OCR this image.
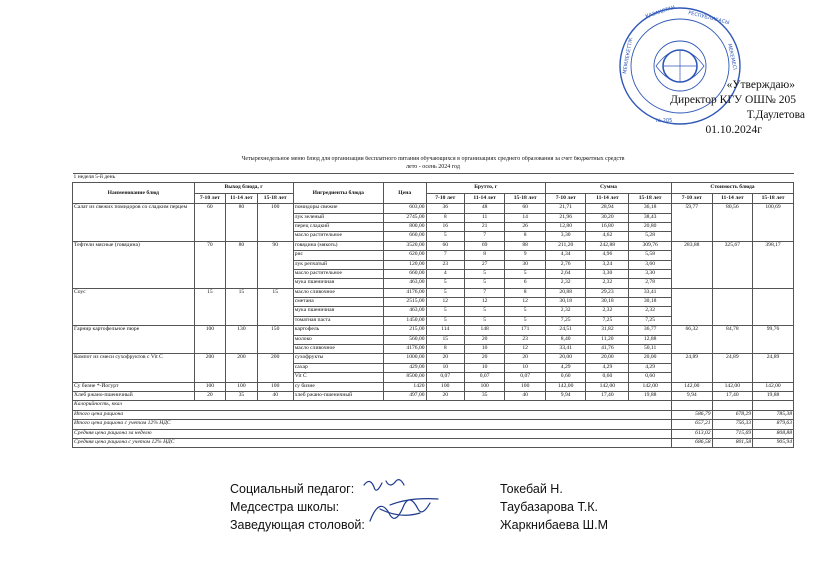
ҚАЗАҚСТАН РЕСПУБЛИКАСЫ
МЕМЛЕКЕТТІК	МЕКЕМЕСІ
№ 205
«Утверждаю»
Директор КГУ ОШ№ 205
Т.Даулетова
01.10.2024г
Четырехнедельное меню блюд для организации бесплатного питания обучающихся в организациях среднего образования за счет бюджетных средств														
лето - осень 2024 год														
1 неделя 5-й день														
Наименование блюд	Выход блюда, г			Ингредиенты блюда	Цена	Брутто, г			Сумма			Стоимость блюда		
	7-10 лет	11-14 лет	15-18 лет			7-10 лет	11-14 лет	15-18 лет	7-10 лет	11-14 лет	15-18 лет	7-10 лет	11-14 лет	15-18 лет
Салат из свежих помидоров со сладким перцем	60	80	100	помидоры свежие	603,00	36	48	60	21,71	28,94	36,18	59,77	80,56	100,69
				лук зеленый	2745,00	8	11	14	21,96	30,20	38,43			
				перец сладкий	800,00	16	21	26	12,80	16,80	20,80			
				масло растительное	660,00	5	7	8	3,30	4,62	5,28			
Тефтели мясные (говядина)	70	80	90	говядина (мякоть)	3520,00	60	69	88	211,20	242,88	309,76	283,88	325,67	398,17
				рис	620,00	7	8	9	4,34	4,96	5,58			
				лук репчатый	120,00	23	27	30	2,76	3,24	3,60			
				масло растительное	660,00	4	5	5	2,64	3,30	3,30			
				мука пшеничная	463,00	5	5	6	2,32	2,32	2,78			
Соус	15	15	15	масло сливочное	4176,00	5	7	8	20,88	29,23	33,41			
				сметана	2515,00	12	12	12	30,18	30,18	30,18			
				мука пшеничная	463,00	5	5	5	2,32	2,32	2,32			
				томатная паста	1450,00	5	5	5	7,25	7,25	7,25			
Гарнир картофельное пюре	100	130	150	картофель	215,00	114	148	171	24,51	31,82	36,77	66,32	84,78	99,76
				молоко	560,00	15	20	23	8,40	11,20	12,88			
				масло сливочное	4176,00	8	10	12	33,41	41,76	50,11			
Компот из смеси сухофруктов с Vit C	200	200	200	сухофрукты	1000,00	20	20	20	20,00	20,00	20,00	24,89	24,89	24,89
				сахар	429,00	10	10	10	4,29	4,29	4,29			
				Vit C	8500,00	0,07	0,07	0,07	0,60	0,60	0,60			
Су бизне *-Йогурт	100	100	100	су бизне	1420	100	100	100	142,00	142,00	142,00	142,00	142,00	142,00
Хлеб ржано-пшеничный	20	35	40	хлеб ржано-пшеничный	497,00	20	35	40	9,94	17,40	19,88	9,94	17,40	19,88
Калорийность, ккал														
Итого цена рациона												586,79	678,29	785,38
Итого цена рациона с учетом 12% НДС												657,21	756,33	879,63
Средняя цена рациона за неделю												613,02	715,69	808,88
Средняя цена рациона с учетом 12% НДС												686,58	801,58	905,94
Социальный педагог:	Токебай Н.
Медсестра школы:	Таубазарова Т.К.
Заведующая столовой:	Жаркнибаева Ш.М
